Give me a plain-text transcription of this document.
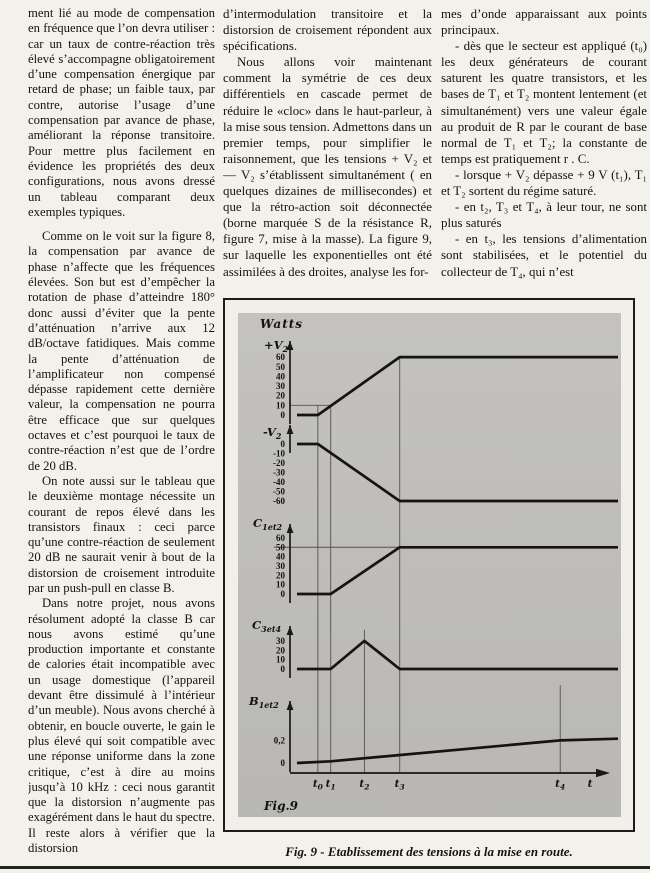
ment lié au mode de compensation en fréquence que l’on devra utiliser : car un taux de contre-réaction très élevé s’accompagne obligatoirement d’une compensation énergique par retard de phase; un faible taux, par contre, autorise l’usage d’une compensation par avance de phase, améliorant la réponse transitoire. Pour mettre plus facilement en évidence les propriétés des deux configurations, nous avons dressé un tableau comparant deux exemples typiques.

Comme on le voit sur la figure 8, la compensation par avance de phase n’affecte que les fréquences élevées. Son but est d’empêcher la rotation de phase d’atteindre 180° donc aussi d’éviter que la pente d’atténuation n’arrive aux 12 dB/octave fatidiques. Mais comme la pente d’atténuation de l’amplificateur non compensé dépasse rapidement cette dernière valeur, la compensation ne pourra être efficace que sur quelques octaves et c’est pourquoi le taux de contre-réaction n’est que de l’ordre de 20 dB.

On note aussi sur le tableau que le deuxième montage nécessite un courant de repos élevé dans les transistors finaux : ceci parce qu’une contre-réaction de seulement 20 dB ne saurait venir à bout de la distorsion de croisement introduite par un push-pull en classe B.

Dans notre projet, nous avons résolument adopté la classe B car nous avons estimé qu’une production importante et constante de calories était incompatible avec un usage domestique (l’appareil devant être dissimulé à l’intérieur d’un meuble). Nous avons cherché à obtenir, en boucle ouverte, le gain le plus élevé qui soit compatible avec une réponse uniforme dans la zone critique, c’est à dire au moins jusqu’à 10 kHz : ceci nous garantit que la distorsion n’augmente pas exagérément dans le haut du spectre. Il reste alors à vérifier que la distorsion

d’intermodulation transitoire et la distorsion de croisement répondent aux spécifications.

Nous allons voir maintenant comment la symétrie de ces deux différentiels en cascade permet de réduire le «cloc» dans le haut-parleur, à la mise sous tension. Admettons dans un premier temps, pour simplifier le raisonnement, que les tensions + V₂ et — V₂ s’établissent simultanément ( en quelques dizaines de millisecondes) et que la rétro-action soit déconnectée (borne marquée S de la résistance R, figure 7, mise à la masse). La figure 9, sur laquelle les exponentielles ont été assimilées à des droites, analyse les for-

mes d’onde apparaissant aux points principaux.

- dès que le secteur est appliqué (t₀) les deux générateurs de courant saturent les quatre transistors, et les bases de T₁ et T₂ montent lentement (et simultanément) vers une valeur égale au produit de R par le courant de base normal de T₁ et T₂; la constante de temps est pratiquement r . C.

- lorsque + V₂ dépasse + 9 V (t₁), T₁ et T₂ sortent du régime saturé.

- en t₂, T₃ et T₄, à leur tour, ne sont plus saturés

- en t₃, les tensions d’alimentation sont stabilisées, et le potentiel du collecteur de T₄, qui n’est

Watts
60
50
40
30
20
10
0
$+V_2$
0
-10
-20
-30
-40
-50
-60
$-V_2$
60
50
40
30
20
10
0
$C_{1et2}$
30
20
10
0
$C_{3et4}$
0,2
0
$B_{1et2}$
$t_0$ $t_1$ $t_2$ $t_3$	$t_4$ t
Fig.9
Fig. 9 - Etablissement des tensions à la mise en route.
